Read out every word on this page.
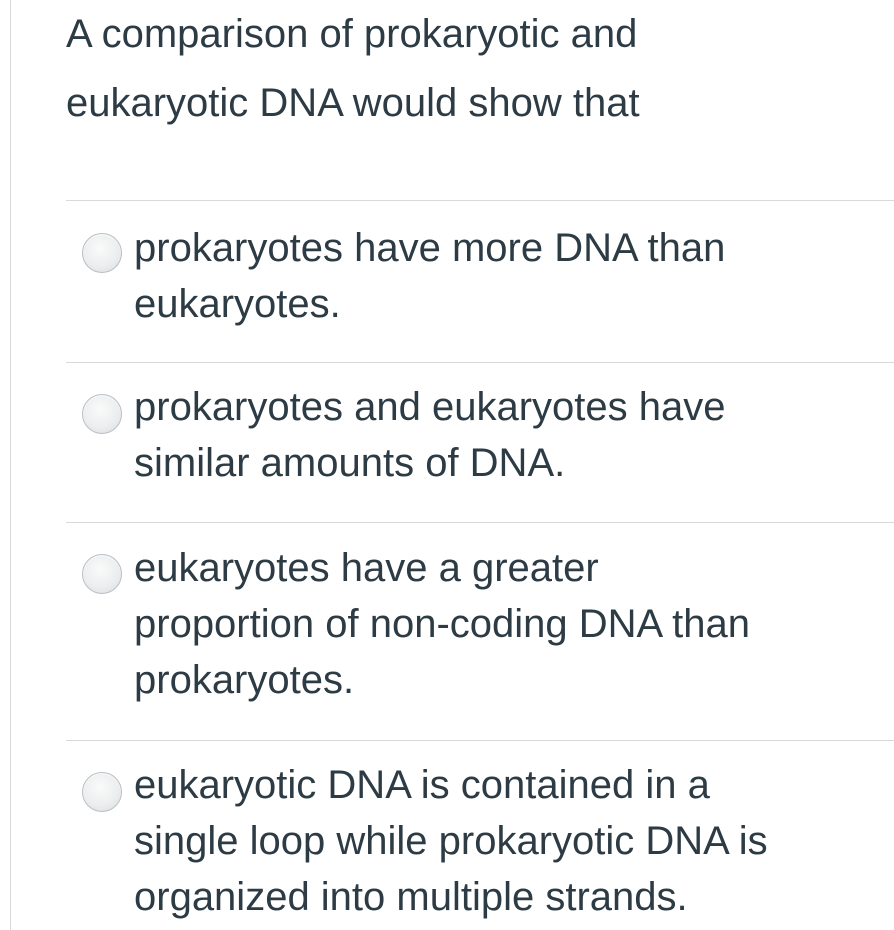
A comparison of prokaryotic and
eukaryotic DNA would show that
prokaryotes have more DNA than
eukaryotes.
prokaryotes and eukaryotes have
similar amounts of DNA.
eukaryotes have a greater
proportion of non-coding DNA than
prokaryotes.
eukaryotic DNA is contained in a
single loop while prokaryotic DNA is
organized into multiple strands.
